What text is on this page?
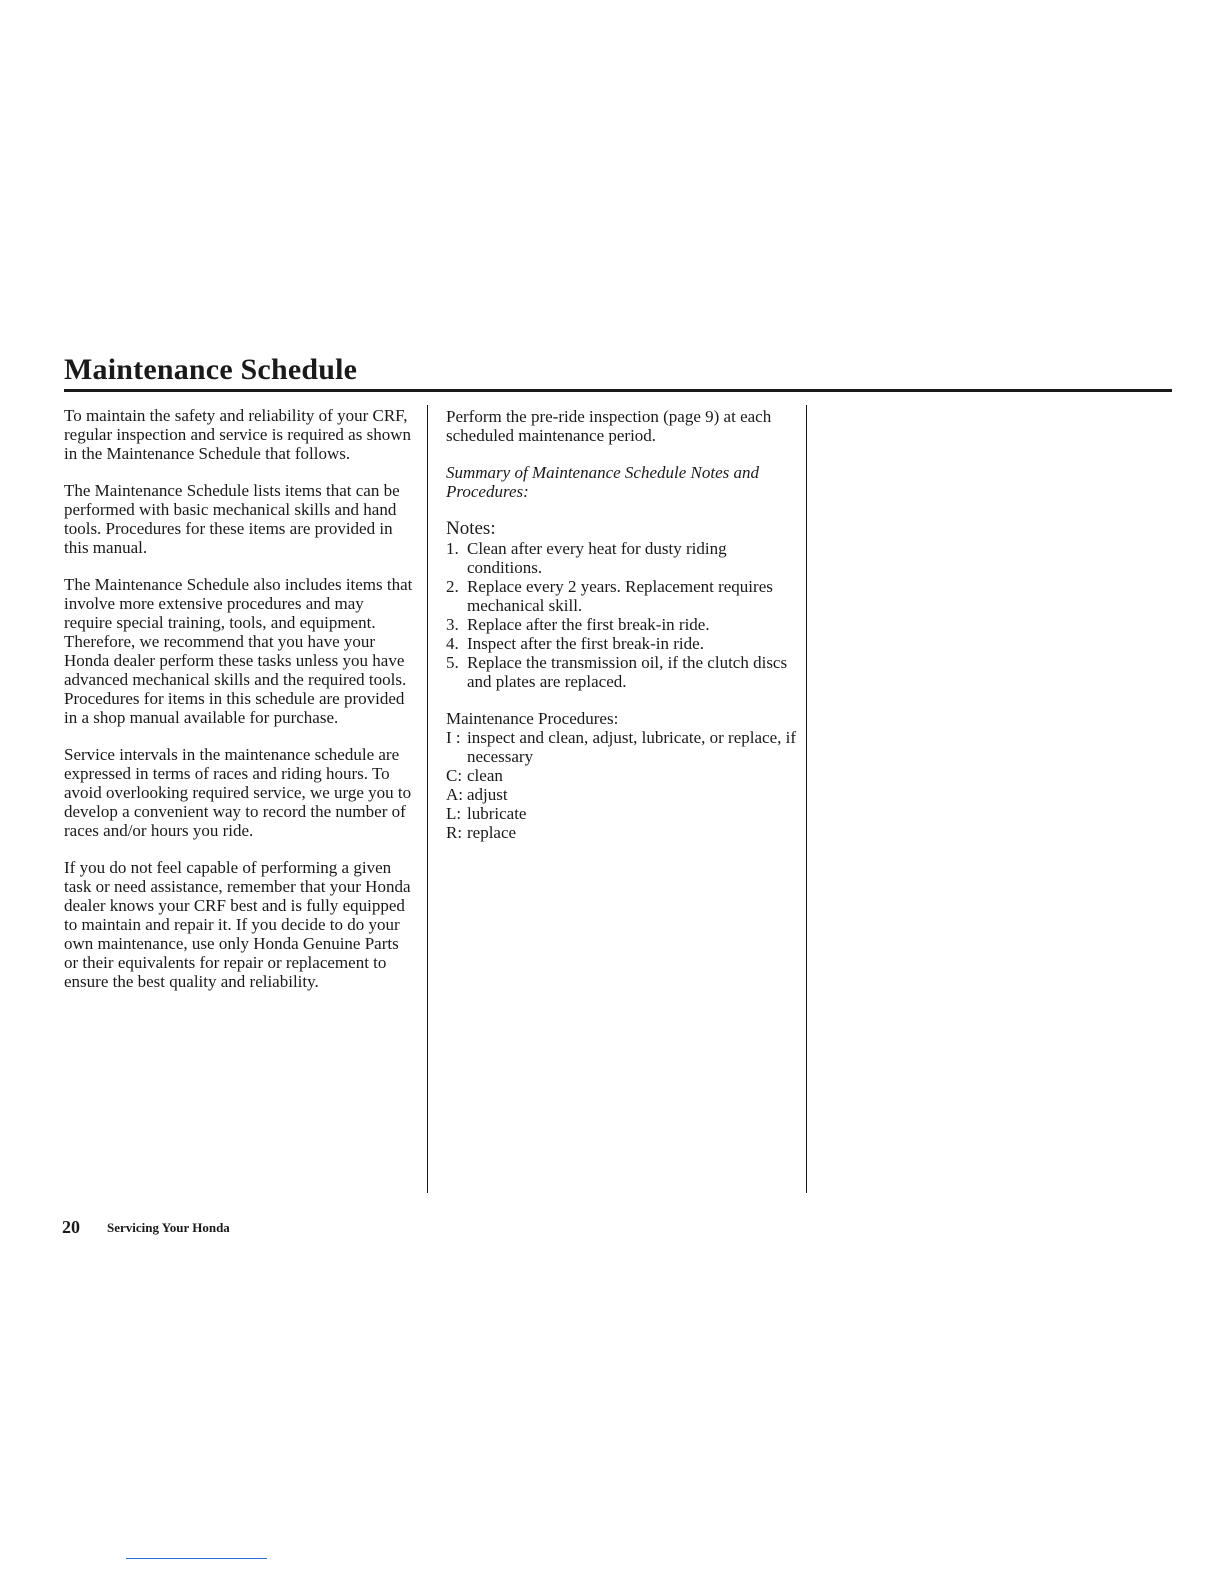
Maintenance Schedule

To maintain the safety and reliability of your CRF, regular inspection and service is required as shown in the Maintenance Schedule that follows.

The Maintenance Schedule lists items that can be performed with basic mechanical skills and hand tools. Procedures for these items are provided in this manual.

The Maintenance Schedule also includes items that involve more extensive procedures and may require special training, tools, and equipment. Therefore, we recommend that you have your Honda dealer perform these tasks unless you have advanced mechanical skills and the required tools. Procedures for items in this schedule are provided in a shop manual available for purchase.

Service intervals in the maintenance schedule are expressed in terms of races and riding hours. To avoid overlooking required service, we urge you to develop a convenient way to record the number of races and/or hours you ride.

If you do not feel capable of performing a given task or need assistance, remember that your Honda dealer knows your CRF best and is fully equipped to maintain and repair it. If you decide to do your own maintenance, use only Honda Genuine Parts or their equivalents for repair or replacement to ensure the best quality and reliability.

Perform the pre-ride inspection (page 9) at each scheduled maintenance period.

Summary of Maintenance Schedule Notes and Procedures:

Notes:
1. Clean after every heat for dusty riding conditions.
2. Replace every 2 years. Replacement requires mechanical skill.
3. Replace after the first break-in ride.
4. Inspect after the first break-in ride.
5. Replace the transmission oil, if the clutch discs and plates are replaced.
Maintenance Procedures:
I : inspect and clean, adjust, lubricate, or replace, if necessary
C: clean
A: adjust
L: lubricate
R: replace
20 Servicing Your Honda
